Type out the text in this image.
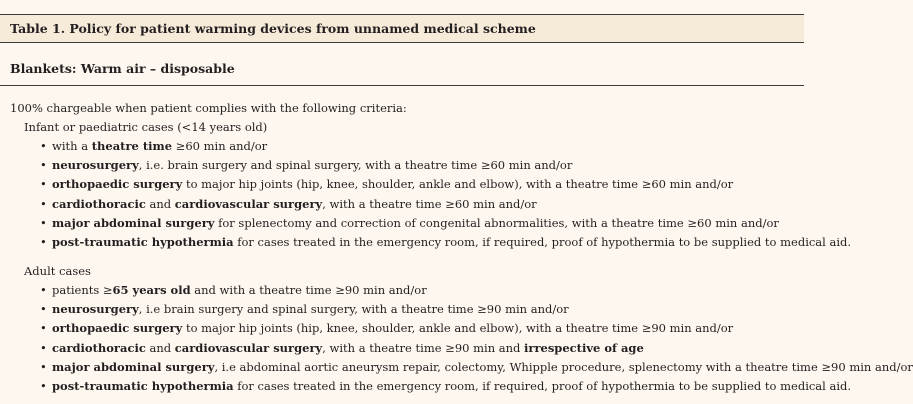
Table 1. Policy for patient warming devices from unnamed medical scheme
Blankets: Warm air – disposable
100% chargeable when patient complies with the following criteria:
Infant or paediatric cases (<14 years old)
• with a theatre time ≥60 min and/or
• neurosurgery, i.e. brain surgery and spinal surgery, with a theatre time ≥60 min and/or
• orthopaedic surgery to major hip joints (hip, knee, shoulder, ankle and elbow), with a theatre time ≥60 min and/or
• cardiothoracic and cardiovascular surgery, with a theatre time ≥60 min and/or
• major abdominal surgery for splenectomy and correction of congenital abnormalities, with a theatre time ≥60 min and/or
• post-traumatic hypothermia for cases treated in the emergency room, if required, proof of hypothermia to be supplied to medical aid.
Adult cases
• patients ≥65 years old and with a theatre time ≥90 min and/or
• neurosurgery, i.e brain surgery and spinal surgery, with a theatre time ≥90 min and/or
• orthopaedic surgery to major hip joints (hip, knee, shoulder, ankle and elbow), with a theatre time ≥90 min and/or
• cardiothoracic and cardiovascular surgery, with a theatre time ≥90 min and irrespective of age
• major abdominal surgery, i.e abdominal aortic aneurysm repair, colectomy, Whipple procedure, splenectomy with a theatre time ≥90 min and/or
• post-traumatic hypothermia for cases treated in the emergency room, if required, proof of hypothermia to be supplied to medical aid.
